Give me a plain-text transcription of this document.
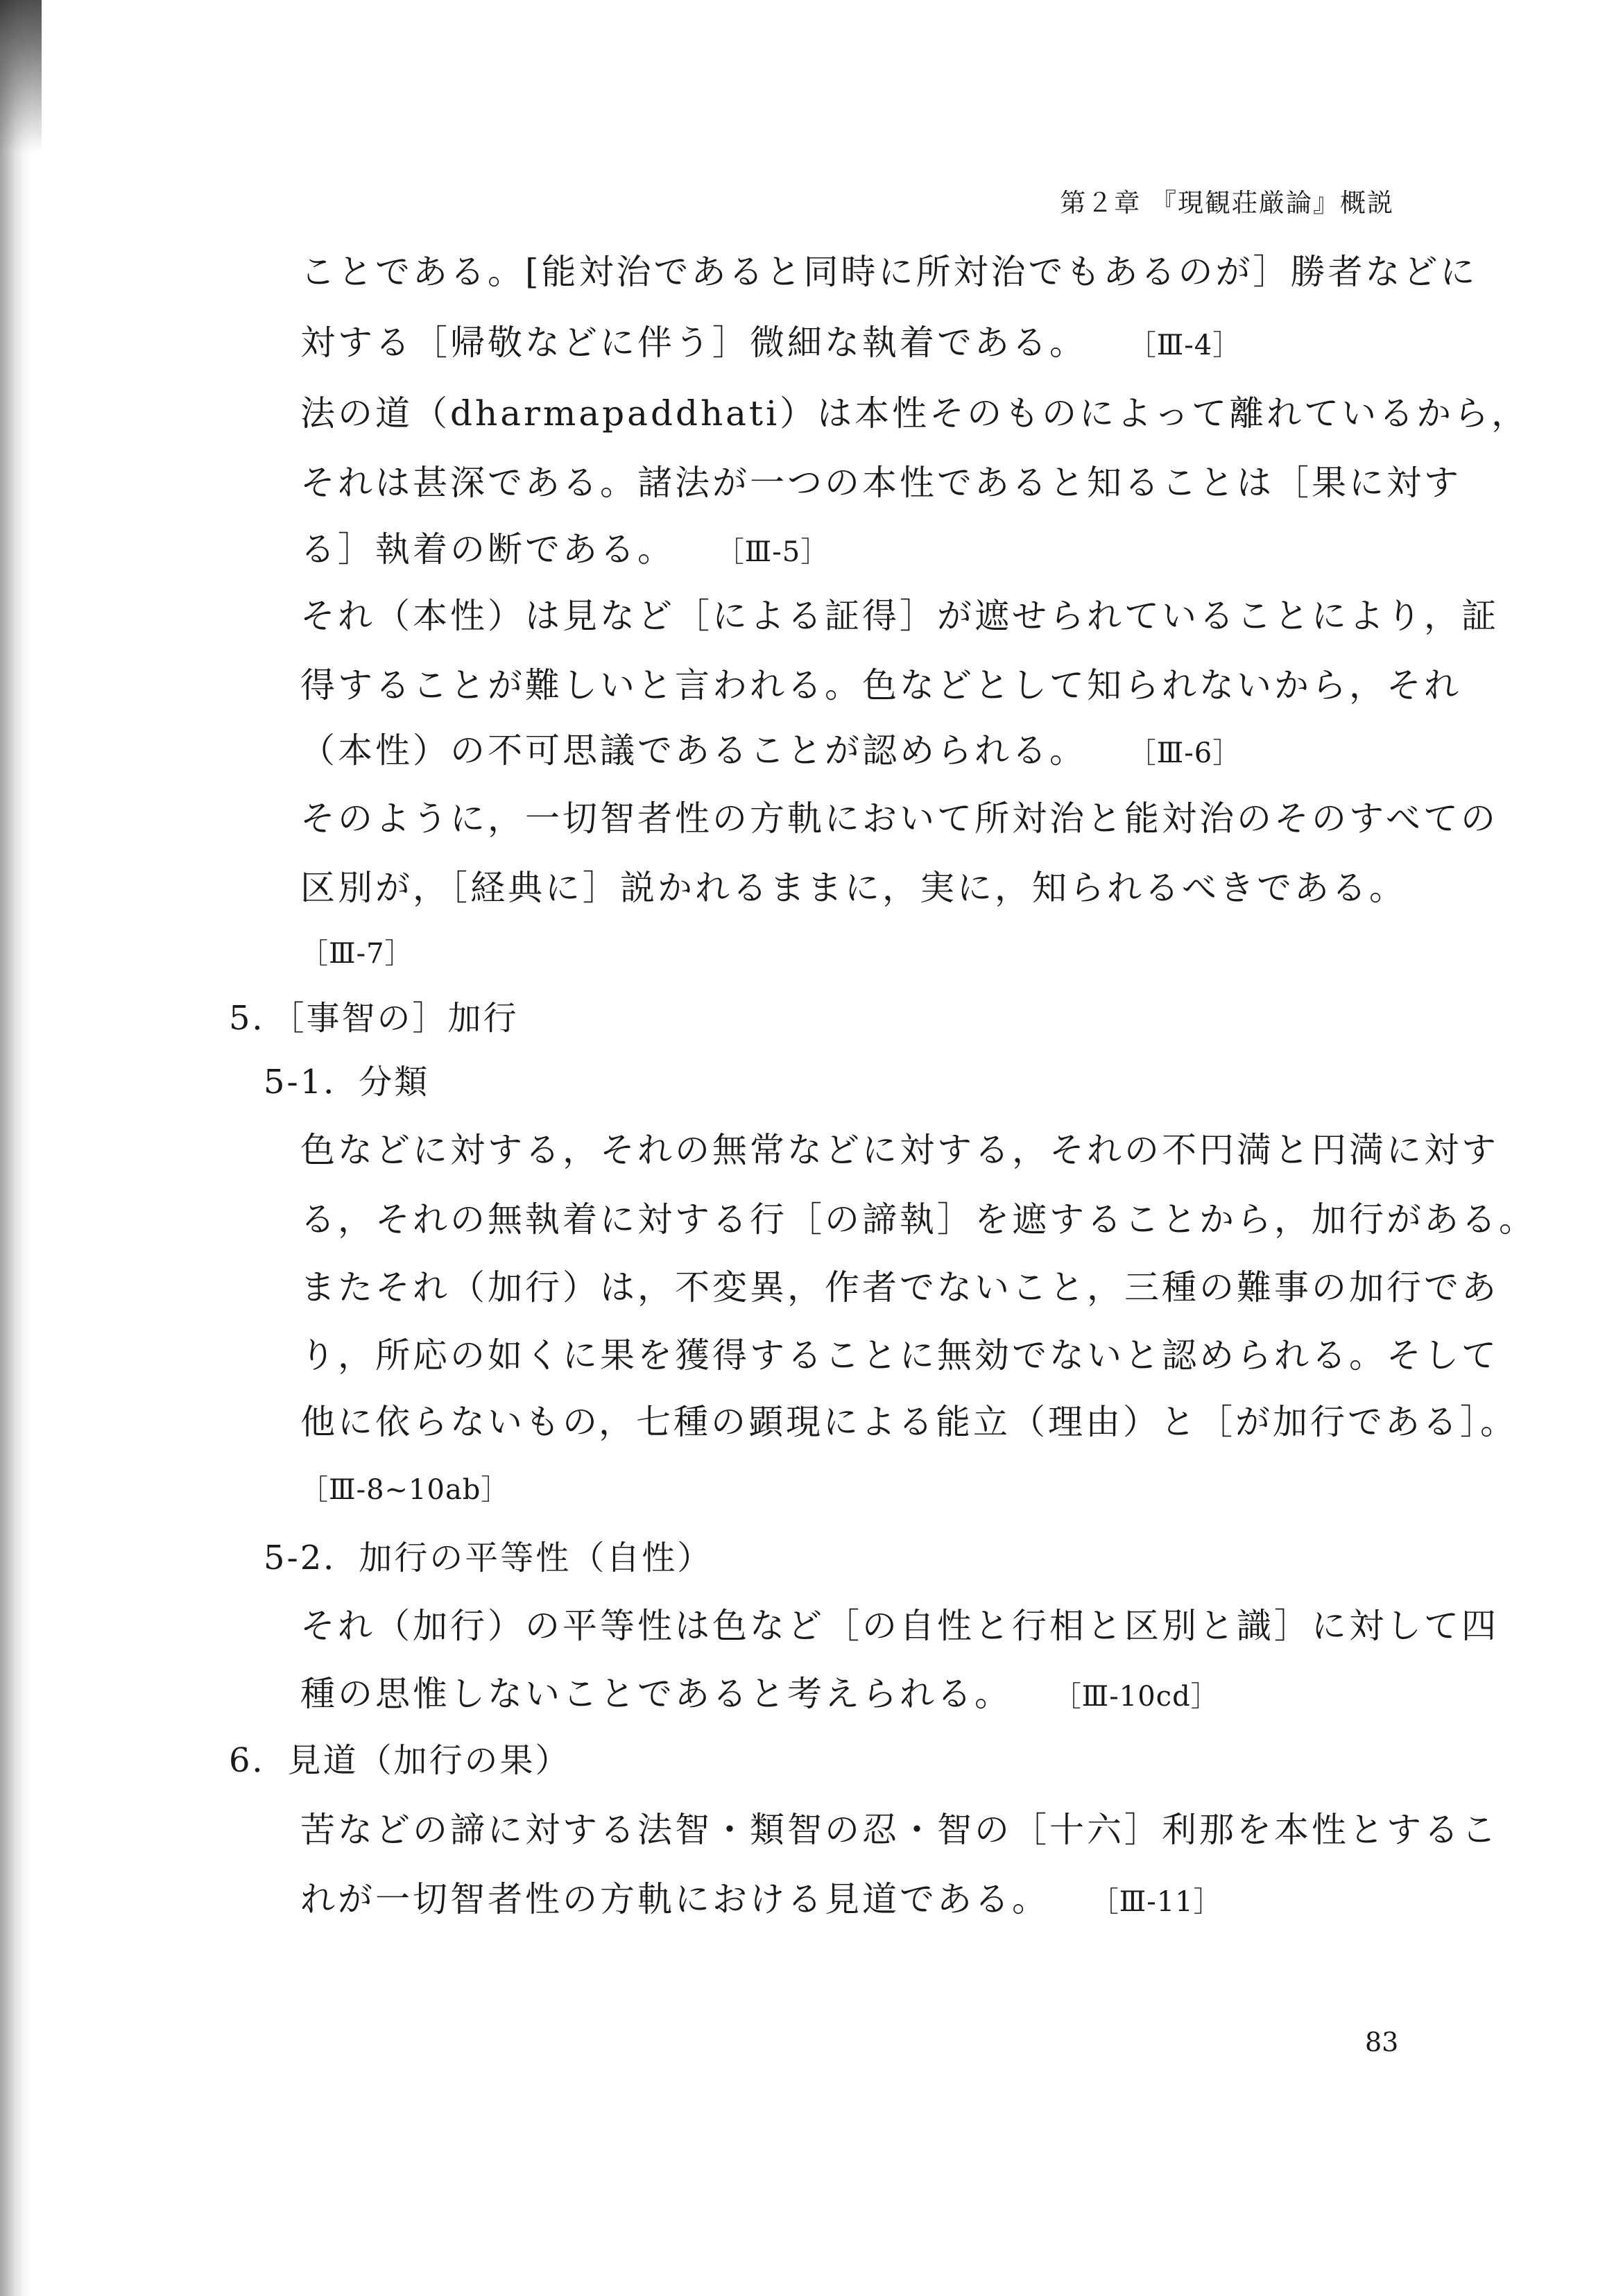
第２章 『現観荘厳論』概説
ことである。[能対治であると同時に所対治でもあるのが］勝者などに
対する［帰敬などに伴う］微細な執着である。 ［Ⅲ-4］
法の道（dharmapaddhati）は本性そのものによって離れているから，
それは甚深である。諸法が一つの本性であると知ることは［果に対す
る］執着の断である。 ［Ⅲ-5］
それ（本性）は見など［による証得］が遮せられていることにより，証
得することが難しいと言われる。色などとして知られないから，それ
（本性）の不可思議であることが認められる。 ［Ⅲ-6］
そのように，一切智者性の方軌において所対治と能対治のそのすべての
区別が，［経典に］説かれるままに，実に，知られるべきである。
［Ⅲ-7］
5．［事智の］加行
5-1．分類
色などに対する，それの無常などに対する，それの不円満と円満に対す
る，それの無執着に対する行［の諦執］を遮することから，加行がある。
またそれ（加行）は，不変異，作者でないこと，三種の難事の加行であ
り，所応の如くに果を獲得することに無効でないと認められる。そして
他に依らないもの，七種の顕現による能立（理由）と［が加行である］。
［Ⅲ-8~10ab］
5-2．加行の平等性（自性）
それ（加行）の平等性は色など［の自性と行相と区別と識］に対して四
種の思惟しないことであると考えられる。 ［Ⅲ-10cd］
6．見道（加行の果）
苦などの諦に対する法智・類智の忍・智の［十六］利那を本性とするこ
れが一切智者性の方軌における見道である。 ［Ⅲ-11］
83
